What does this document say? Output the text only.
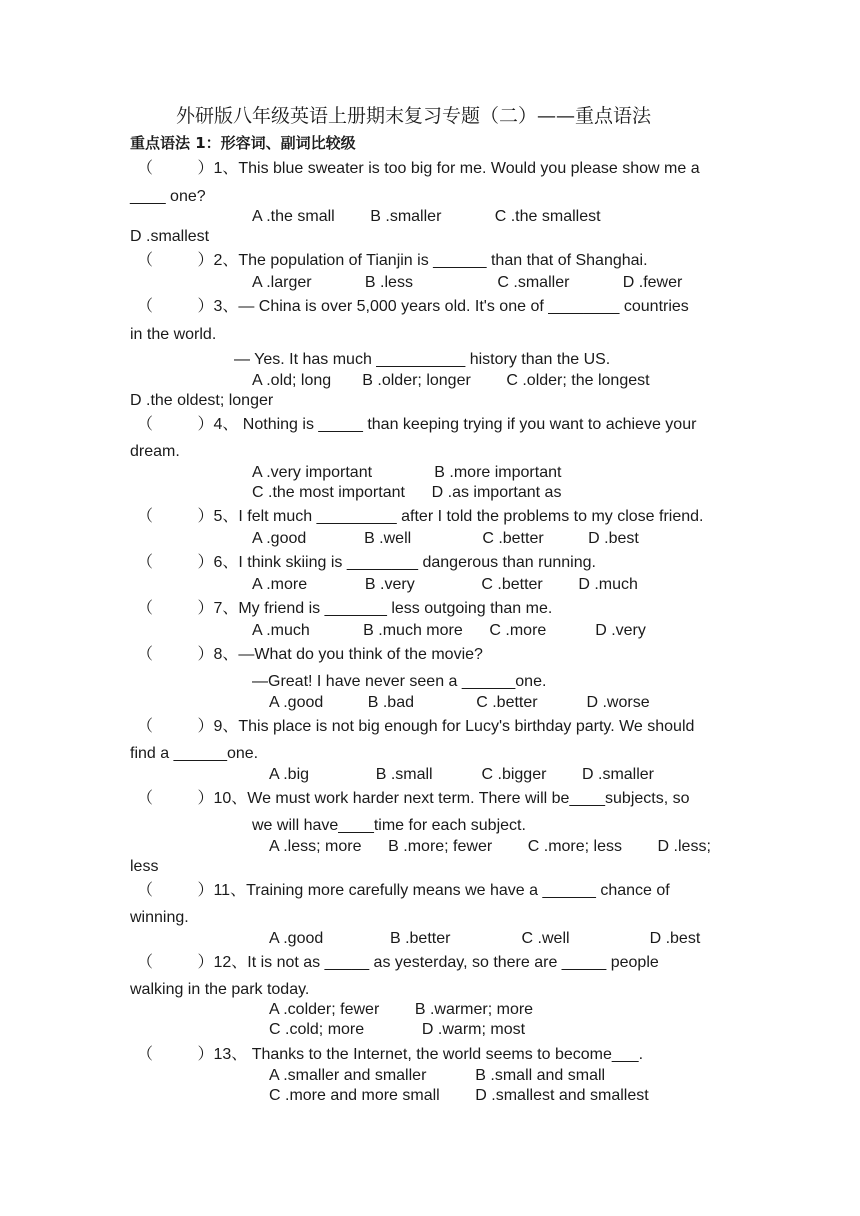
外研版八年级英语上册期末复习专题（二）——重点语法
重点语法 1：形容词、副词比较级
（          ）1、This blue sweater is too big for me. Would you please show me a
____ one?
A .the small        B .smaller            C .the smallest
D .smallest
（          ）2、The population of Tianjin is ______ than that of Shanghai.
A .larger            B .less                   C .smaller            D .fewer
（          ）3、— China is over 5,000 years old. It's one of ________ countries
in the world.
— Yes. It has much __________ history than the US.
A .old; long       B .older; longer        C .older; the longest
D .the oldest; longer
（          ）4、 Nothing is _____ than keeping trying if you want to achieve your
dream.
A .very important              B .more important
C .the most important      D .as important as
（          ）5、I felt much _________ after I told the problems to my close friend.
A .good             B .well                C .better          D .best
（          ）6、I think skiing is ________ dangerous than running.
A .more             B .very               C .better        D .much
（          ）7、My friend is _______ less outgoing than me.
A .much            B .much more      C .more           D .very
（          ）8、—What do you think of the movie?
—Great! I have never seen a ______one.
A .good          B .bad              C .better           D .worse
（          ）9、This place is not big enough for Lucy's birthday party. We should
find a ______one.
A .big               B .small           C .bigger        D .smaller
（          ）10、We must work harder next term. There will be____subjects, so
we will have____time for each subject.
A .less; more      B .more; fewer        C .more; less        D .less;
less
（          ）11、Training more carefully means we have a ______ chance of
winning.
A .good               B .better                C .well                  D .best
（          ）12、It is not as _____ as yesterday, so there are _____ people
walking in the park today.
A .colder; fewer        B .warmer; more
C .cold; more             D .warm; most
（          ）13、 Thanks to the Internet, the world seems to become___.
A .smaller and smaller           B .small and small
C .more and more small        D .smallest and smallest
